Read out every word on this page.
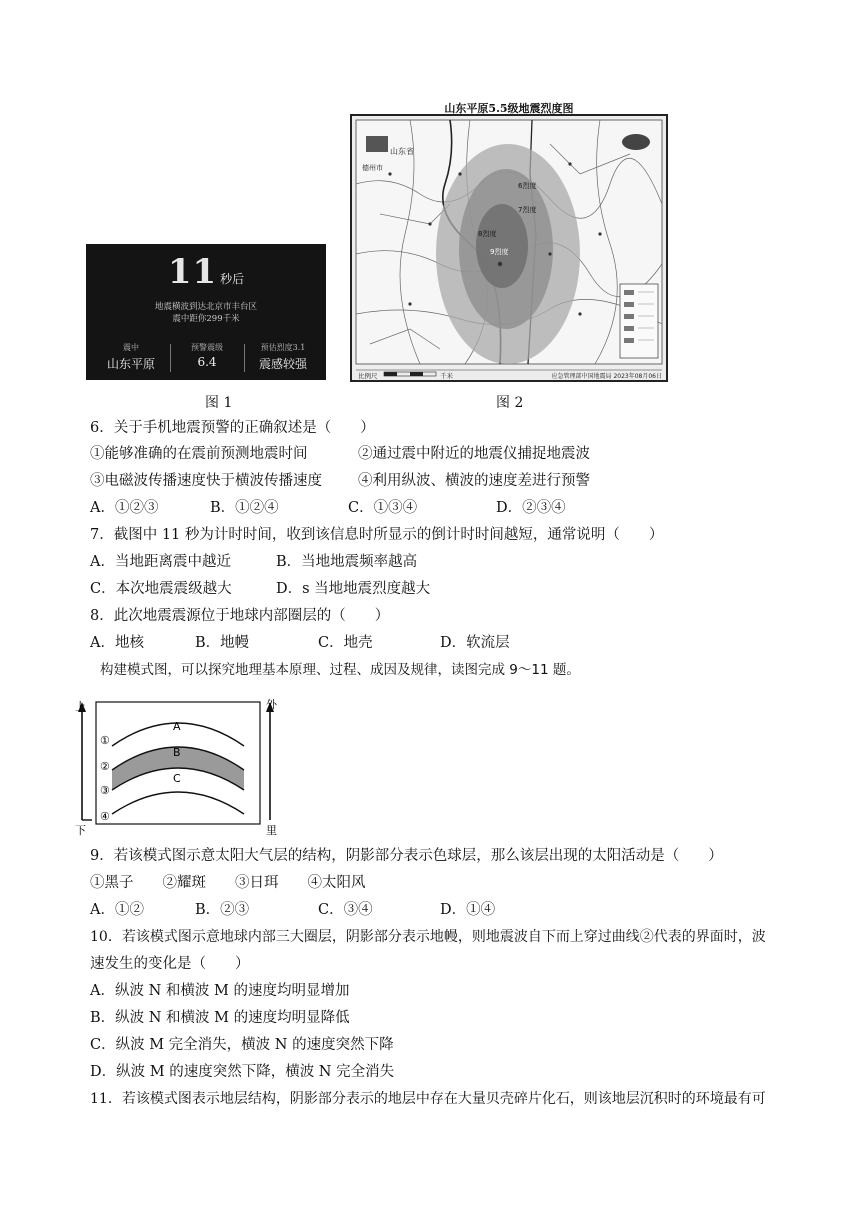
11 秒后
地震横波到达北京市丰台区
震中距你299千米
震中
山东平原
预警震级
6.4
预估烈度3.1
震感较强
山东平原5.5级地震烈度图
山东省
德州市
6烈度
7烈度
8烈度
9烈度
比例尺	千米	应急管理部中国地震局 2023年08月06日
图 1	图 2
6．关于手机地震预警的正确叙述是（　　）
①能够准确的在震前预测地震时间	②通过震中附近的地震仪捕捉地震波
③电磁波传播速度快于横波传播速度 ④利用纵波、横波的速度差进行预警
A．①②③	B．①②④	C．①③④	D．②③④
7．截图中 11 秒为计时时间，收到该信息时所显示的倒计时时间越短，通常说明（　　）
A．当地距离震中越近	B．当地地震频率越高
C．本次地震震级越大	D．s 当地地震烈度越大
8．此次地震震源位于地球内部圈层的（　　）
A．地核	B．地幔	C．地壳	D．软流层
构建模式图，可以探究地理基本原理、过程、成因及规律，读图完成 9～11 题。
上
下
外
里
①
②
③
④
A
B
C
9．若该模式图示意太阳大气层的结构，阴影部分表示色球层，那么该层出现的太阳活动是（　　）
①黑子　　②耀斑　　③日珥　　④太阳风
A．①②	B．②③	C．③④	D．①④
10．若该模式图示意地球内部三大圈层，阴影部分表示地幔，则地震波自下而上穿过曲线②代表的界面时，波
速发生的变化是（　　）
A．纵波 N 和横波 M 的速度均明显增加
B．纵波 N 和横波 M 的速度均明显降低
C．纵波 M 完全消失，横波 N 的速度突然下降
D．纵波 M 的速度突然下降，横波 N 完全消失
11．若该模式图表示地层结构，阴影部分表示的地层中存在大量贝壳碎片化石，则该地层沉积时的环境最有可
